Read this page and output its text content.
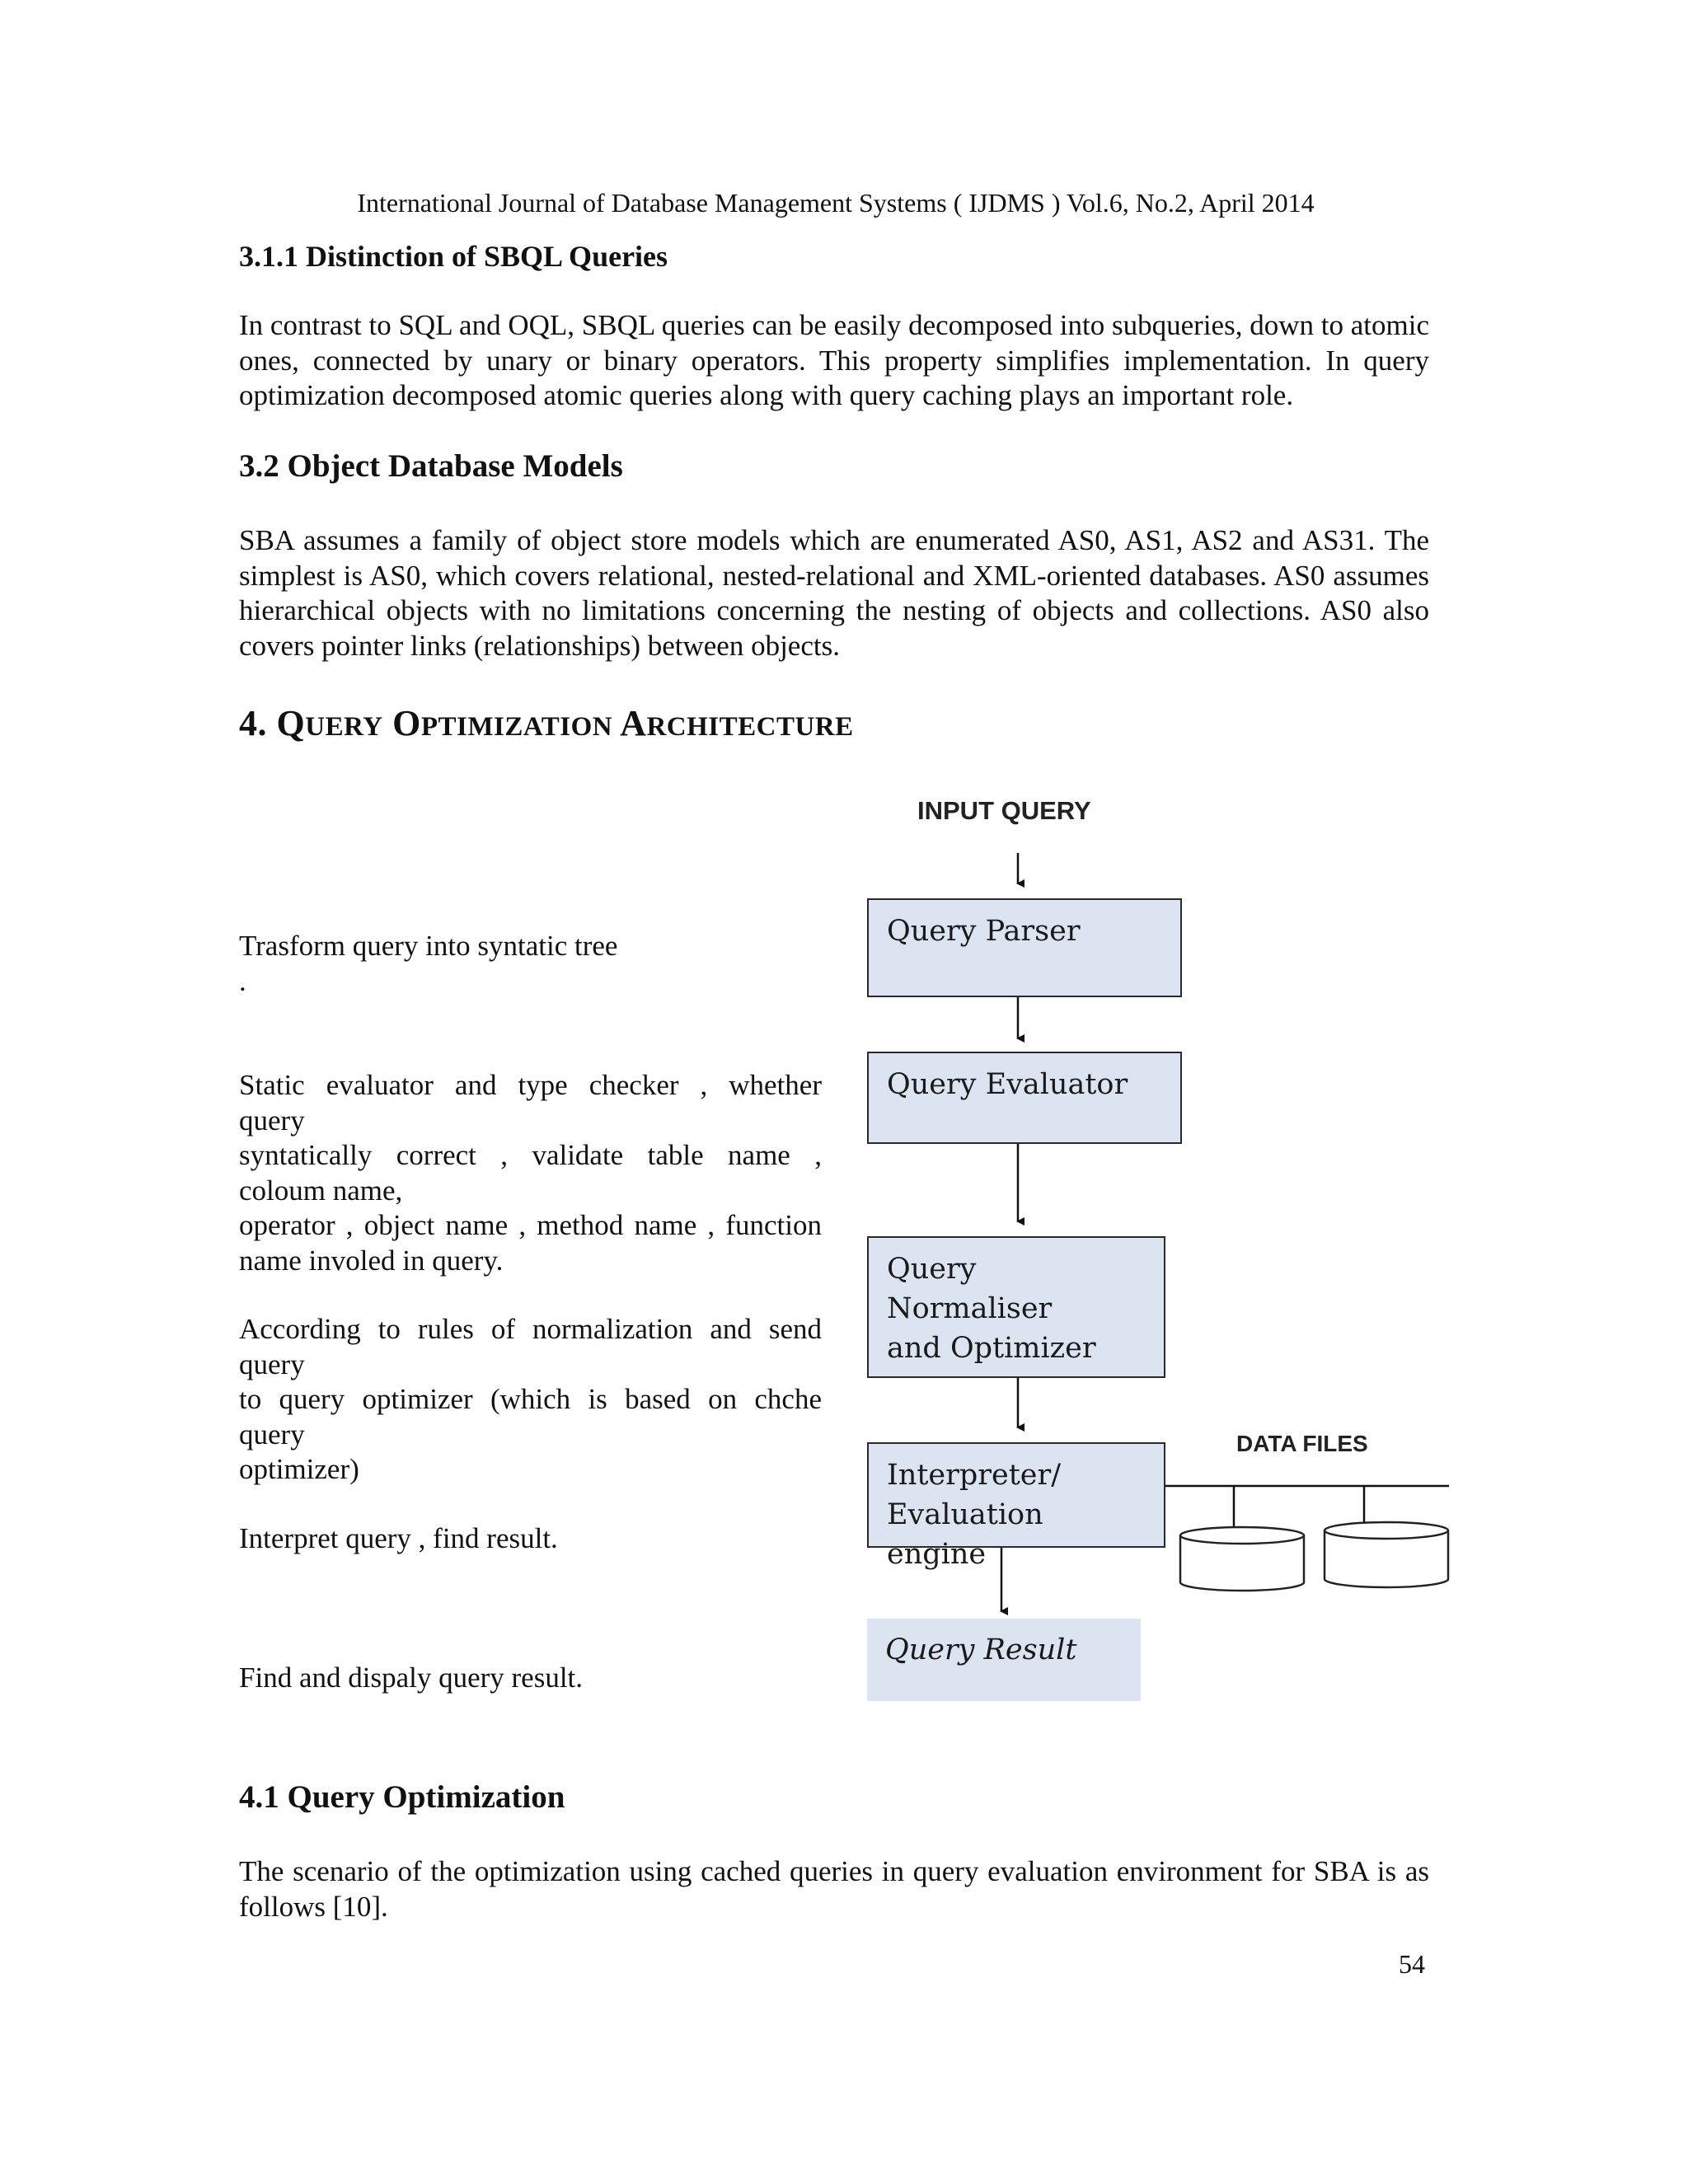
International Journal of Database Management Systems ( IJDMS ) Vol.6, No.2, April 2014
3.1.1 Distinction of SBQL Queries

In contrast to SQL and OQL, SBQL queries can be easily decomposed into subqueries, down to atomic ones, connected by unary or binary operators. This property simplifies implementation. In query optimization decomposed atomic queries along with query caching plays an important role.

3.2 Object Database Models

SBA assumes a family of object store models which are enumerated AS0, AS1, AS2 and AS31. The simplest is AS0, which covers relational, nested-relational and XML-oriented databases. AS0 assumes hierarchical objects with no limitations concerning the nesting of objects and collections. AS0 also covers pointer links (relationships) between objects.

4. QUERY OPTIMIZATION ARCHITECTURE
Trasform query into syntatic tree
.
Static evaluator and type checker , whether
query
syntatically correct , validate table name ,
coloum name,
operator , object name , method name , function
name involed in query.
According to rules of normalization and send
query
to query optimizer (which is based on chche
query
optimizer)
Interpret query , find result.
Find and dispaly query result.
INPUT QUERY
DATA FILES
Query Parser
Query Evaluator
Query Normaliser
and Optimizer
Interpreter/
Evaluation engine
Query Result
4.1 Query Optimization

The scenario of the optimization using cached queries in query evaluation environment for SBA is as follows [10].

54
